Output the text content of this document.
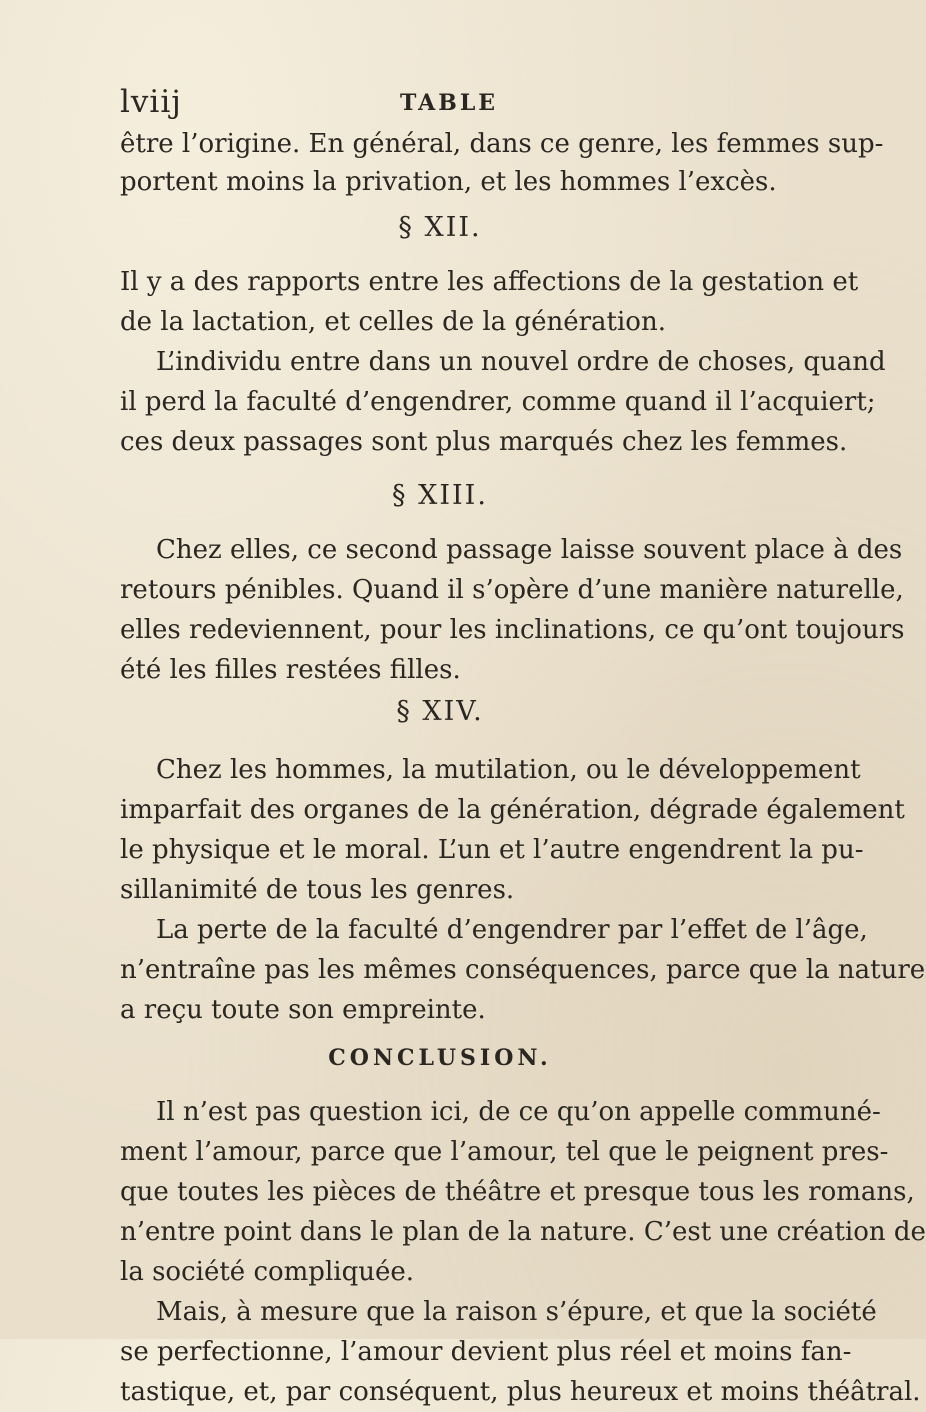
lviij	TABLE
être l’origine. En général, dans ce genre, les femmes sup-
portent moins la privation, et les hommes l’excès.
§ XII.
Il y a des rapports entre les affections de la gestation et
de la lactation, et celles de la génération.
L’individu entre dans un nouvel ordre de choses, quand
il perd la faculté d’engendrer, comme quand il l’acquiert;
ces deux passages sont plus marqués chez les femmes.
§ XIII.
Chez elles, ce second passage laisse souvent place à des
retours pénibles. Quand il s’opère d’une manière naturelle,
elles redeviennent, pour les inclinations, ce qu’ont toujours
été les filles restées filles.
§ XIV.
Chez les hommes, la mutilation, ou le développement
imparfait des organes de la génération, dégrade également
le physique et le moral. L’un et l’autre engendrent la pu-
sillanimité de tous les genres.
La perte de la faculté d’engendrer par l’effet de l’âge,
n’entraîne pas les mêmes conséquences, parce que la nature
a reçu toute son empreinte.
CONCLUSION.
Il n’est pas question ici, de ce qu’on appelle communé-
ment l’amour, parce que l’amour, tel que le peignent pres-
que toutes les pièces de théâtre et presque tous les romans,
n’entre point dans le plan de la nature. C’est une création de
la société compliquée.
Mais, à mesure que la raison s’épure, et que la société
se perfectionne, l’amour devient plus réel et moins fan-
tastique, et, par conséquent, plus heureux et moins théâtral.
